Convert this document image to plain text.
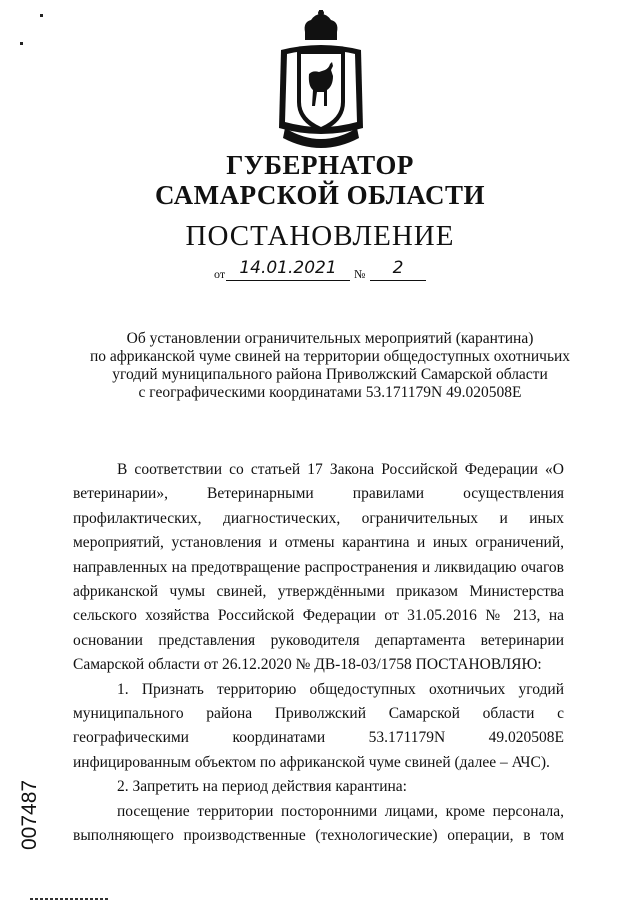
ГУБЕРНАТОР
САМАРСКОЙ ОБЛАСТИ
ПОСТАНОВЛЕНИЕ
от 14.01.2021	№	2
Об установлении ограничительных мероприятий (карантина)
по африканской чуме свиней на территории общедоступных охотничьих
угодий муниципального района Приволжский Самарской области
с географическими координатами 53.171179N 49.020508E

В соответствии со статьей 17 Закона Российской Федерации «О ветеринарии», Ветеринарными правилами осуществления профилактических, диагностических, ограничительных и иных мероприятий, установления и отмены карантина и иных ограничений, направленных на предотвращение распространения и ликвидацию очагов африканской чумы свиней, утверждёнными приказом Министерства сельского хозяйства Российской Федерации от 31.05.2016 № 213, на основании представления руководителя департамента ветеринарии Самарской области от 26.12.2020 № ДВ-18-03/1758 ПОСТАНОВЛЯЮ:

1. Признать территорию общедоступных охотничьих угодий муниципального района Приволжский Самарской области с географическими координатами 53.171179N 49.020508E инфицированным объектом по африканской чуме свиней (далее – АЧС).

2. Запретить на период действия карантина:

посещение территории посторонними лицами, кроме персонала, выполняющего производственные (технологические) операции, в том

007487
